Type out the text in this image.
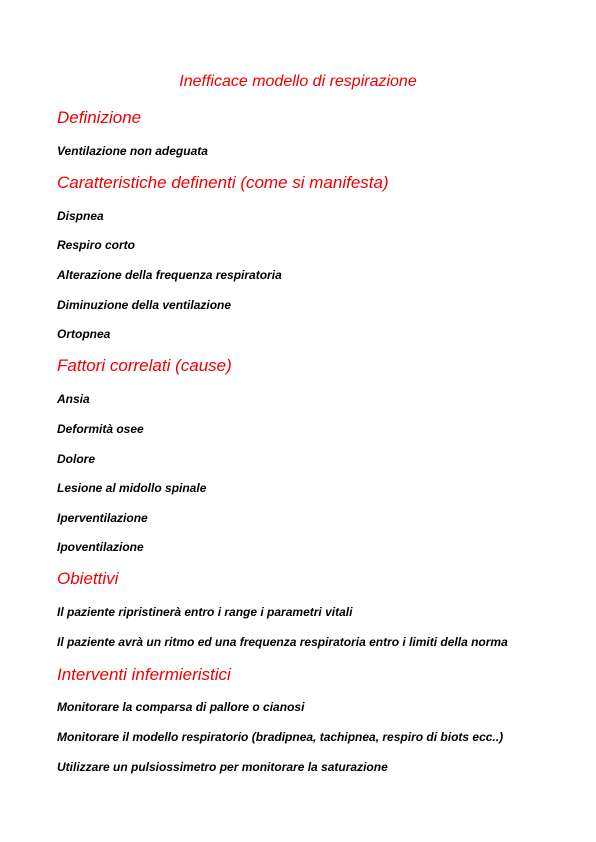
Inefficace modello di respirazione
Definizione

Ventilazione non adeguata

Caratteristiche definenti (come si manifesta)

Dispnea

Respiro corto

Alterazione della frequenza respiratoria

Diminuzione della ventilazione

Ortopnea

Fattori correlati (cause)

Ansia

Deformità osee

Dolore

Lesione al midollo spinale

Iperventilazione

Ipoventilazione

Obiettivi

Il paziente ripristinerà entro i range i parametri vitali

Il paziente avrà un ritmo ed una frequenza respiratoria entro i limiti della norma

Interventi infermieristici

Monitorare la comparsa di pallore o cianosi

Monitorare il modello respiratorio (bradipnea, tachipnea, respiro di biots ecc..)

Utilizzare un pulsiossimetro per monitorare la saturazione
